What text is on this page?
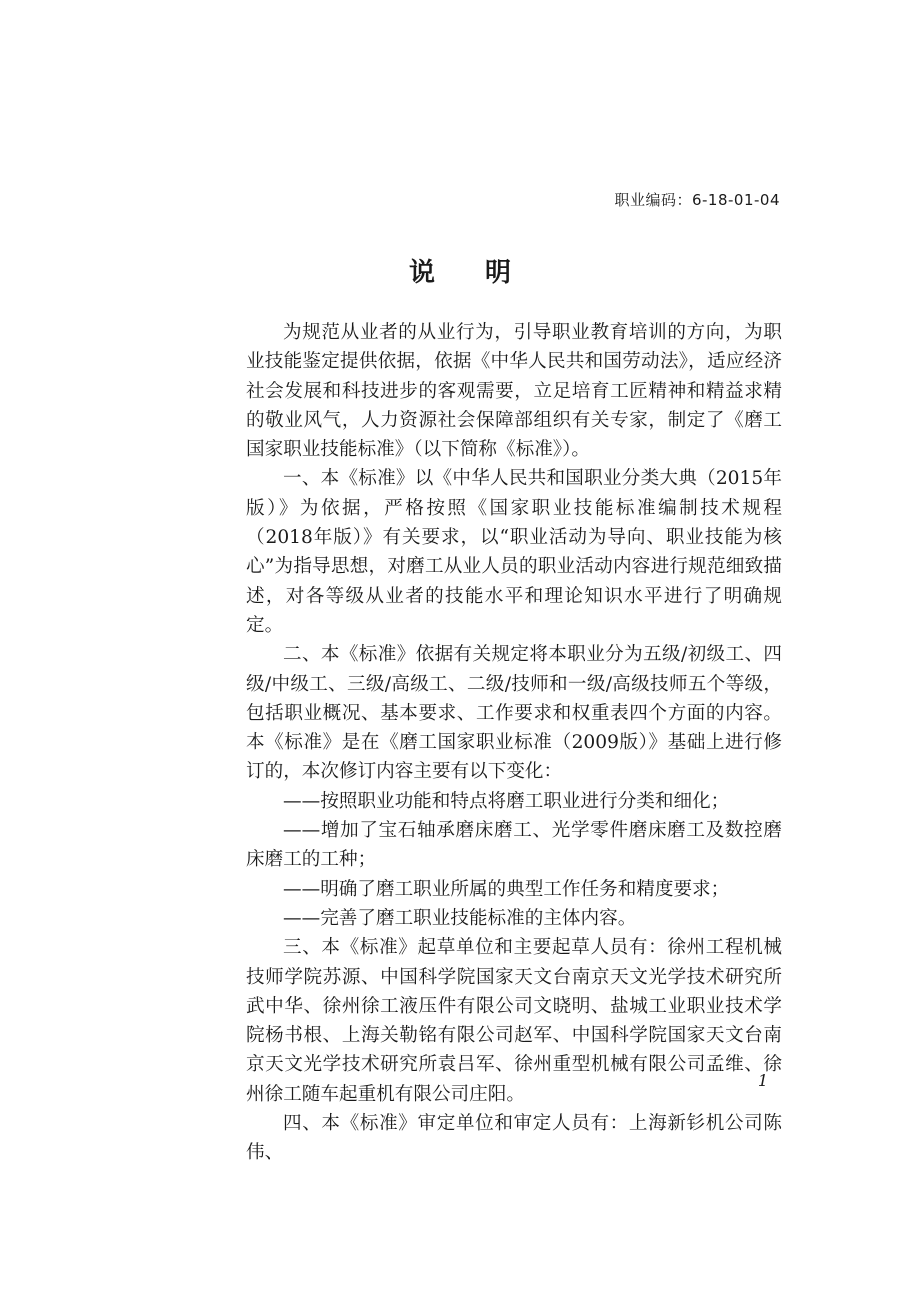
职业编码：6-18-01-04
说明

为规范从业者的从业行为，引导职业教育培训的方向，为职业技能鉴定提供依据，依据《中华人民共和国劳动法》，适应经济社会发展和科技进步的客观需要，立足培育工匠精神和精益求精的敬业风气，人力资源社会保障部组织有关专家，制定了《磨工国家职业技能标准》（以下简称《标准》）。

一、本《标准》以《中华人民共和国职业分类大典（2015年版）》为依据，严格按照《国家职业技能标准编制技术规程（2018年版）》有关要求，以“职业活动为导向、职业技能为核心”为指导思想，对磨工从业人员的职业活动内容进行规范细致描述，对各等级从业者的技能水平和理论知识水平进行了明确规定。

二、本《标准》依据有关规定将本职业分为五级/初级工、四级/中级工、三级/高级工、二级/技师和一级/高级技师五个等级，包括职业概况、基本要求、工作要求和权重表四个方面的内容。本《标准》是在《磨工国家职业标准（2009版）》基础上进行修订的，本次修订内容主要有以下变化：

——按照职业功能和特点将磨工职业进行分类和细化；

——增加了宝石轴承磨床磨工、光学零件磨床磨工及数控磨床磨工的工种；

——明确了磨工职业所属的典型工作任务和精度要求；

——完善了磨工职业技能标准的主体内容。

三、本《标准》起草单位和主要起草人员有：徐州工程机械技师学院苏源、中国科学院国家天文台南京天文光学技术研究所武中华、徐州徐工液压件有限公司文晓明、盐城工业职业技术学院杨书根、上海关勒铭有限公司赵军、中国科学院国家天文台南京天文光学技术研究所袁吕军、徐州重型机械有限公司孟维、徐州徐工随车起重机有限公司庄阳。

四、本《标准》审定单位和审定人员有：上海新钐机公司陈伟、

1
